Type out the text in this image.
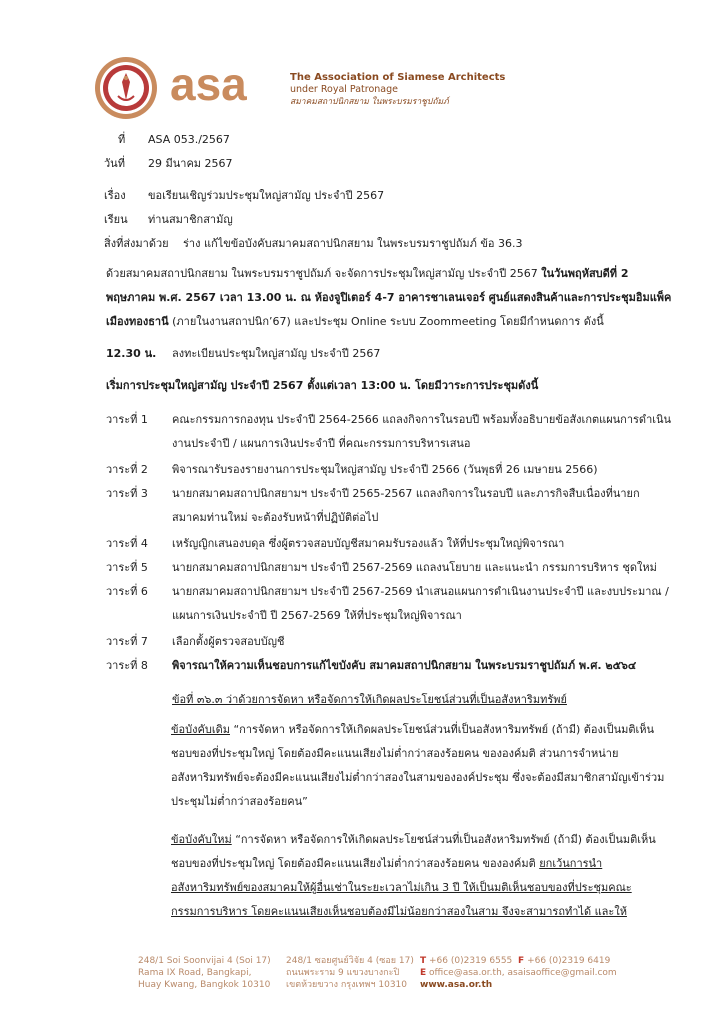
asa	The Association of Siamese Architects
under Royal Patronage
สมาคมสถาปนิกสยาม ในพระบรมราชูปถัมภ์
ที่ ASA 053./2567
วันที่ 29 มีนาคม 2567
เรื่อง ขอเรียนเชิญร่วมประชุมใหญ่สามัญ ประจำปี 2567
เรียน ท่านสมาชิกสามัญ
สิ่งที่ส่งมาด้วย ร่าง แก้ไขข้อบังคับสมาคมสถาปนิกสยาม ในพระบรมราชูปถัมภ์ ข้อ 36.3
ด้วยสมาคมสถาปนิกสยาม ในพระบรมราชูปถัมภ์ จะจัดการประชุมใหญ่สามัญ ประจำปี 2567 ในวันพฤหัสบดีที่ 2 พฤษภาคม พ.ศ. 2567 เวลา 13.00 น. ณ ห้องจูปิเตอร์ 4-7 อาคารชาเลนเจอร์ ศูนย์แสดงสินค้าและการประชุมอิมแพ็ค เมืองทองธานี (ภายในงานสถาปนิก’67) และประชุม Online ระบบ Zoommeeting โดยมีกำหนดการ ดังนี้
12.30 น. ลงทะเบียนประชุมใหญ่สามัญ ประจำปี 2567
เริ่มการประชุมใหญ่สามัญ ประจำปี 2567 ตั้งแต่เวลา 13:00 น. โดยมีวาระการประชุมดังนี้
วาระที่ 1 คณะกรรมการกองทุน ประจำปี 2564-2566 แถลงกิจการในรอบปี พร้อมทั้งอธิบายข้อสังเกตแผนการดำเนินงานประจำปี / แผนการเงินประจำปี ที่คณะกรรมการบริหารเสนอ
วาระที่ 2 พิจารณารับรองรายงานการประชุมใหญ่สามัญ ประจำปี 2566 (วันพุธที่ 26 เมษายน 2566)
วาระที่ 3 นายกสมาคมสถาปนิกสยามฯ ประจำปี 2565-2567 แถลงกิจการในรอบปี และภารกิจสืบเนื่องที่นายกสมาคมท่านใหม่ จะต้องรับหน้าที่ปฏิบัติต่อไป
วาระที่ 4 เหรัญญิกเสนองบดุล ซึ่งผู้ตรวจสอบบัญชีสมาคมรับรองแล้ว ให้ที่ประชุมใหญ่พิจารณา
วาระที่ 5 นายกสมาคมสถาปนิกสยามฯ ประจำปี 2567-2569 แถลงนโยบาย และแนะนำ กรรมการบริหาร ชุดใหม่
วาระที่ 6 นายกสมาคมสถาปนิกสยามฯ ประจำปี 2567-2569 นำเสนอแผนการดำเนินงานประจำปี และงบประมาณ /แผนการเงินประจำปี ปี 2567-2569 ให้ที่ประชุมใหญ่พิจารณา
วาระที่ 7 เลือกตั้งผู้ตรวจสอบบัญชี
วาระที่ 8 พิจารณาให้ความเห็นชอบการแก้ไขบังคับ สมาคมสถาปนิกสยาม ในพระบรมราชูปถัมภ์ พ.ศ. ๒๕๖๔
ข้อที่ ๓๖.๓ ว่าด้วยการจัดหา หรือจัดการให้เกิดผลประโยชน์ส่วนที่เป็นอสังหาริมทรัพย์
ข้อบังคับเดิม “การจัดหา หรือจัดการให้เกิดผลประโยชน์ส่วนที่เป็นอสังหาริมทรัพย์ (ถ้ามี) ต้องเป็นมติเห็นชอบของที่ประชุมใหญ่ โดยต้องมีคะแนนเสียงไม่ต่ำกว่าสองร้อยคน ขององค์มติ ส่วนการจำหน่ายอสังหาริมทรัพย์จะต้องมีคะแนนเสียงไม่ต่ำกว่าสองในสามขององค์ประชุม ซึ่งจะต้องมีสมาชิกสามัญเข้าร่วมประชุมไม่ต่ำกว่าสองร้อยคน”
ข้อบังคับใหม่ “การจัดหา หรือจัดการให้เกิดผลประโยชน์ส่วนที่เป็นอสังหาริมทรัพย์ (ถ้ามี) ต้องเป็นมติเห็นชอบของที่ประชุมใหญ่ โดยต้องมีคะแนนเสียงไม่ต่ำกว่าสองร้อยคน ขององค์มติ ยกเว้นการนำอสังหาริมทรัพย์ของสมาคมให้ผู้อื่นเช่าในระยะเวลาไม่เกิน 3 ปี ให้เป็นมติเห็นชอบของที่ประชุมคณะกรรมการบริหาร โดยคะแนนเสียงเห็นชอบต้องมีไม่น้อยกว่าสองในสาม จึงจะสามารถทำได้ และให้
248/1 Soi Soonvijai 4 (Soi 17)
Rama IX Road, Bangkapi,
Huay Kwang, Bangkok 10310
248/1 ซอยศูนย์วิจัย 4 (ซอย 17)
ถนนพระราม 9 แขวงบางกะปิ
เขตห้วยขวาง กรุงเทพฯ 10310
T +66 (0)2319 6555 F +66 (0)2319 6419
E office@asa.or.th, asaisaoffice@gmail.com
www.asa.or.th
